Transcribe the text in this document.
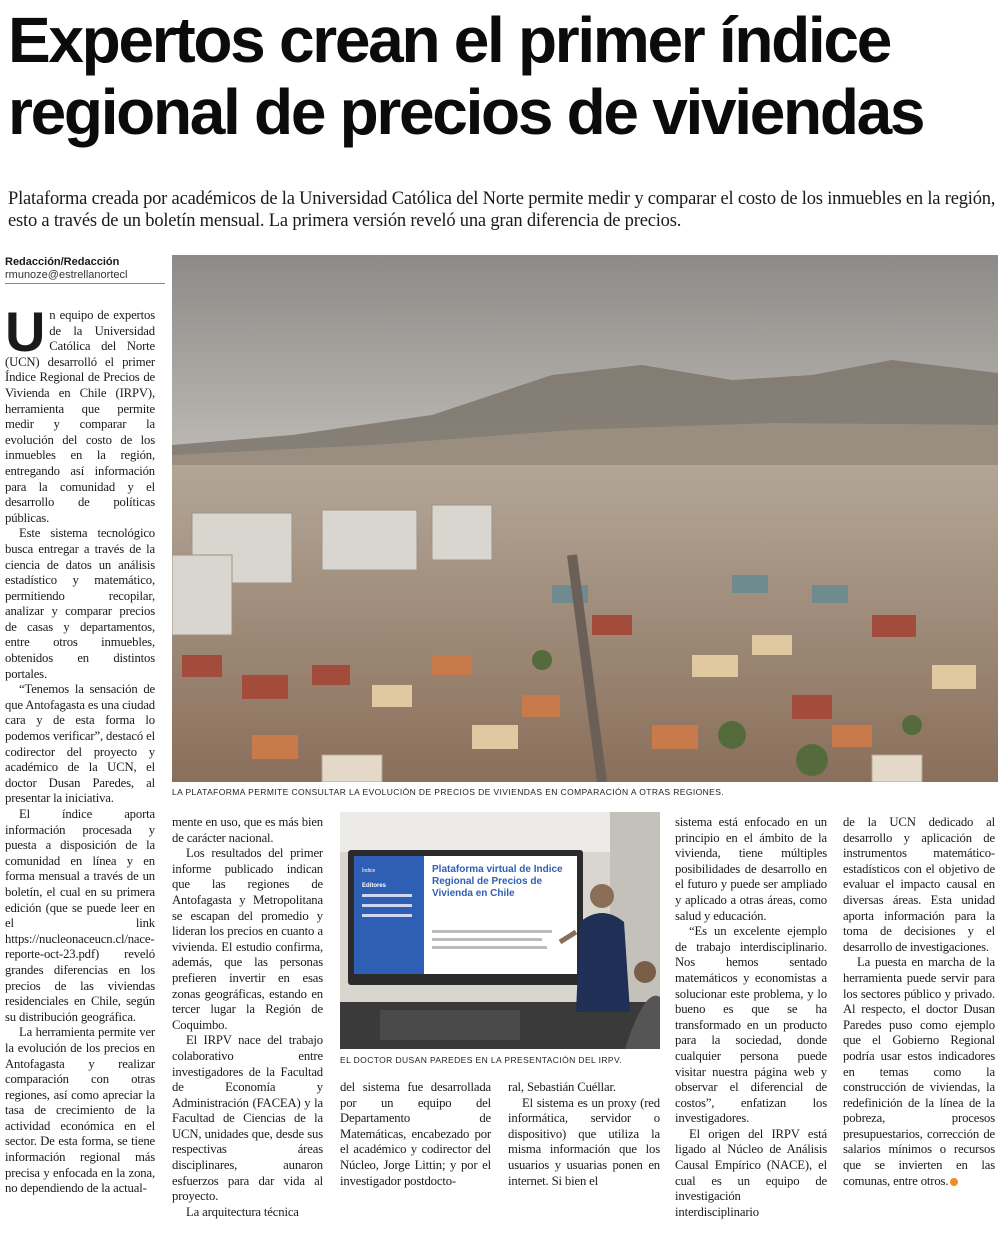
Expertos crean el primer índice regional de precios de viviendas

Plataforma creada por académicos de la Universidad Católica del Norte permite medir y comparar el costo de los inmuebles en la región, esto a través de un boletín mensual. La primera versión reveló una gran diferencia de precios.

Redacción/Redacción
rmunoze@estrellanortecl
LA PLATAFORMA PERMITE CONSULTAR LA EVOLUCIÓN DE PRECIOS DE VIVIENDAS EN COMPARACIÓN A OTRAS REGIONES.
Índice
Editores
Plataforma virtual de Índice Regional de Precios de Vivienda en Chile
EL DOCTOR DUSAN PAREDES EN LA PRESENTACIÓN DEL IRPV.
U n equipo de expertos de la Universidad Católica del Norte (UCN) desarrolló el primer Índice Regional de Precios de Vivienda en Chile (IRPV), herramienta que permite medir y comparar la evolución del costo de los inmuebles en la región, entregando así información para la comunidad y el desarrollo de políticas públicas.

Este sistema tecnológico busca entregar a través de la ciencia de datos un análisis estadístico y matemático, permitiendo recopilar, analizar y comparar precios de casas y departamentos, entre otros inmuebles, obtenidos en distintos portales.

“Tenemos la sensación de que Antofagasta es una ciudad cara y de esta forma lo podemos verificar”, destacó el codirector del proyecto y académico de la UCN, el doctor Dusan Paredes, al presentar la iniciativa.

El índice aporta información procesada y puesta a disposición de la comunidad en línea y en forma mensual a través de un boletín, el cual en su primera edición (que se puede leer en el link https://nucleonaceucn.cl/nace-reporte-oct-23.pdf) reveló grandes diferencias en los precios de las viviendas residenciales en Chile, según su distribución geográfica.

La herramienta permite ver la evolución de los precios en Antofagasta y realizar comparación con otras regiones, así como apreciar la tasa de crecimiento de la actividad económica en el sector. De esta forma, se tiene información regional más precisa y enfocada en la zona, no dependiendo de la actual-

mente en uso, que es más bien de carácter nacional.

Los resultados del primer informe publicado indican que las regiones de Antofagasta y Metropolitana se escapan del promedio y lideran los precios en cuanto a vivienda. El estudio confirma, además, que las personas prefieren invertir en esas zonas geográficas, estando en tercer lugar la Región de Coquimbo.

El IRPV nace del trabajo colaborativo entre investigadores de la Facultad de Economía y Administración (FACEA) y la Facultad de Ciencias de la UCN, unidades que, desde sus respectivas áreas disciplinares, aunaron esfuerzos para dar vida al proyecto.

La arquitectura técnica

del sistema fue desarrollada por un equipo del Departamento de Matemáticas, encabezado por el académico y codirector del Núcleo, Jorge Littin; y por el investigador postdocto-

ral, Sebastián Cuéllar.

El sistema es un proxy (red informática, servidor o dispositivo) que utiliza la misma información que los usuarios y usuarias ponen en internet. Si bien el

sistema está enfocado en un principio en el ámbito de la vivienda, tiene múltiples posibilidades de desarrollo en el futuro y puede ser ampliado y aplicado a otras áreas, como salud y educación.

“Es un excelente ejemplo de trabajo interdisciplinario. Nos hemos sentado matemáticos y economistas a solucionar este problema, y lo bueno es que se ha transformado en un producto para la sociedad, donde cualquier persona puede visitar nuestra página web y observar el diferencial de costos”, enfatizan los investigadores.

El origen del IRPV está ligado al Núcleo de Análisis Causal Empírico (NACE), el cual es un equipo de investigación interdisciplinario

de la UCN dedicado al desarrollo y aplicación de instrumentos matemático-estadísticos con el objetivo de evaluar el impacto causal en diversas áreas. Esta unidad aporta información para la toma de decisiones y el desarrollo de investigaciones.

La puesta en marcha de la herramienta puede servir para los sectores público y privado. Al respecto, el doctor Dusan Paredes puso como ejemplo que el Gobierno Regional podría usar estos indicadores en temas como la construcción de viviendas, la redefinición de la línea de la pobreza, procesos presupuestarios, corrección de salarios mínimos o recursos que se invierten en las comunas, entre otros.
